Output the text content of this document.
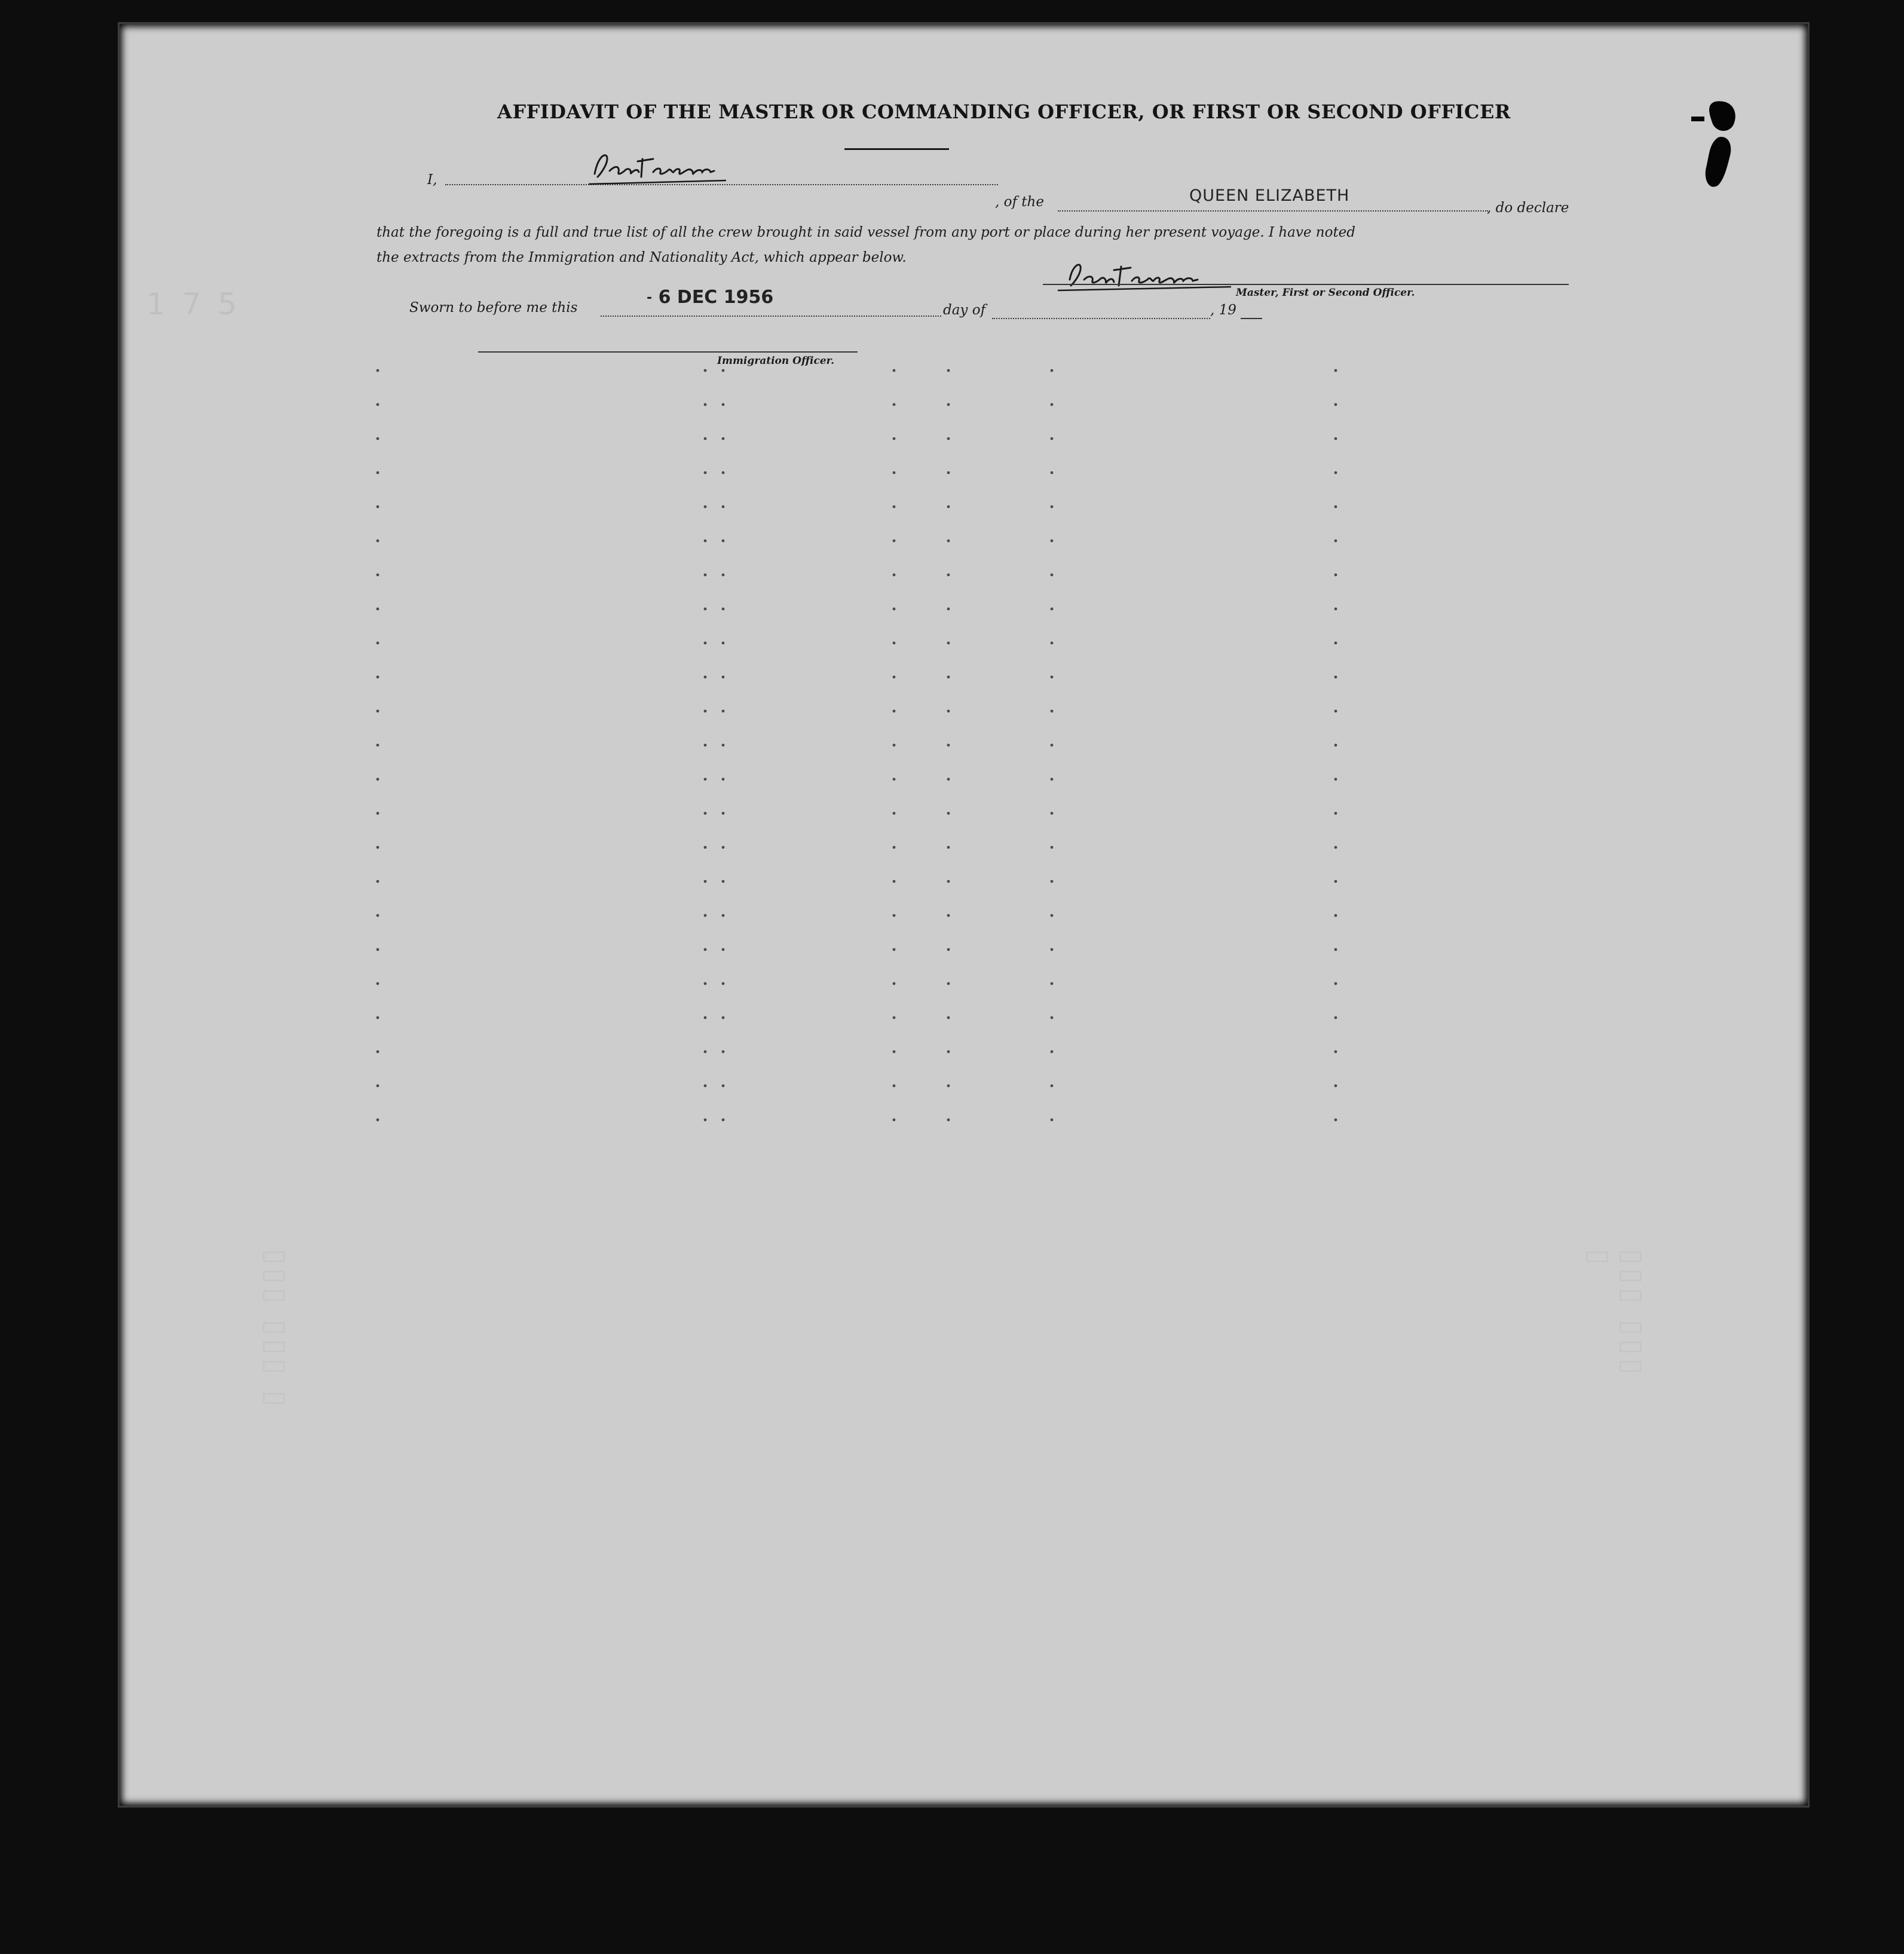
1 7 5
AFFIDAVIT OF THE MASTER OR COMMANDING OFFICER, OR FIRST OR SECOND OFFICER
I,
, of the	QUEEN ELIZABETH
, do declare
that the foregoing is a full and true list of all the crew brought in said vessel from any port or place during her present voyage. I have noted
the extracts from the Immigration and Nationality Act, which appear below.
Master, First or Second Officer.
Sworn to before me this
- 6 DEC 1956
day of	, 19
Immigration Officer.
▯▯▯ ▯▯▯ ▯	▯▯▯ ▯▯▯ ▯
